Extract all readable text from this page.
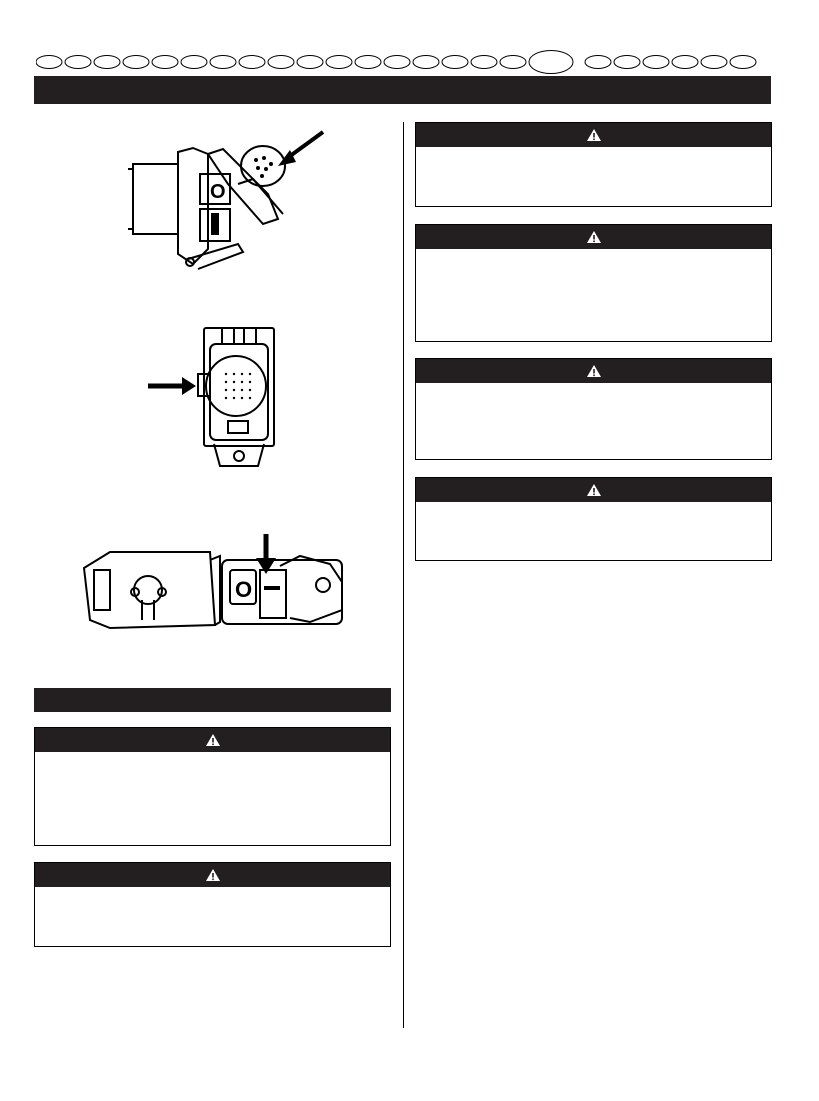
O
O
